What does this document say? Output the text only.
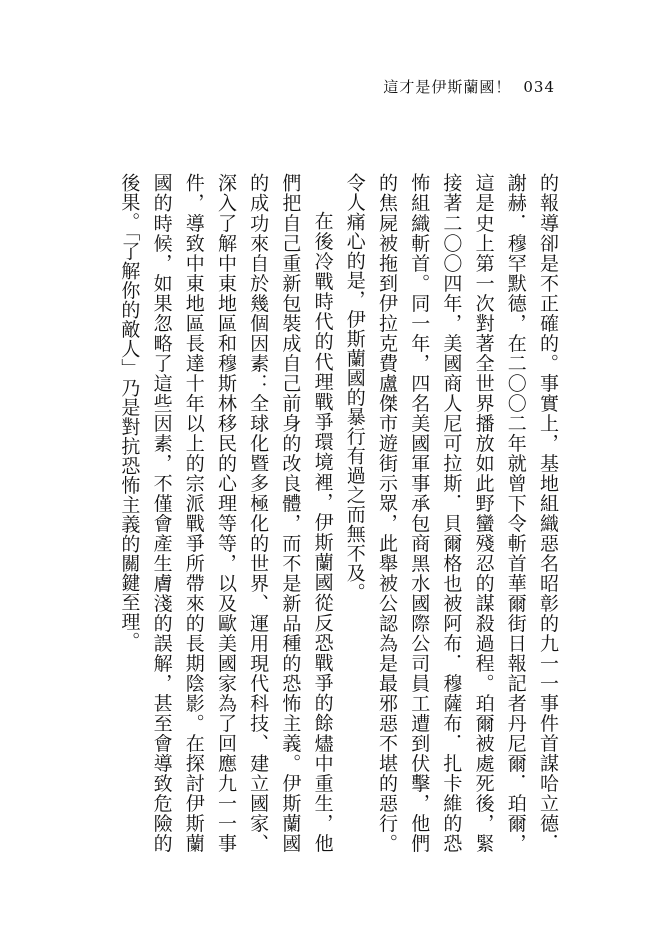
這才是伊斯蘭國！ 034

的報導卻是不正確的。事實上，基地組織惡名昭彰的九一一事件首謀哈立德．謝赫．穆罕默德，在二〇〇二年就曾下令斬首華爾街日報記者丹尼爾．珀爾，這是史上第一次對著全世界播放如此野蠻殘忍的謀殺過程。珀爾被處死後，緊接著二〇〇四年，美國商人尼可拉斯．貝爾格也被阿布．穆薩布．扎卡維的恐怖組織斬首。同一年，四名美國軍事承包商黑水國際公司員工遭到伏擊，他們的焦屍被拖到伊拉克費盧傑市遊街示眾，此舉被公認為是最邪惡不堪的惡行。令人痛心的是，伊斯蘭國的暴行有過之而無不及。

在後冷戰時代的代理戰爭環境裡，伊斯蘭國從反恐戰爭的餘燼中重生，他們把自己重新包裝成自己前身的改良體，而不是新品種的恐怖主義。伊斯蘭國的成功來自於幾個因素：全球化暨多極化的世界、運用現代科技、建立國家、深入了解中東地區和穆斯林移民的心理等等，以及歐美國家為了回應九一一事件，導致中東地區長達十年以上的宗派戰爭所帶來的長期陰影。在探討伊斯蘭國的時候，如果忽略了這些因素，不僅會產生膚淺的誤解，甚至會導致危險的後果。「了解你的敵人」乃是對抗恐怖主義的關鍵至理。
